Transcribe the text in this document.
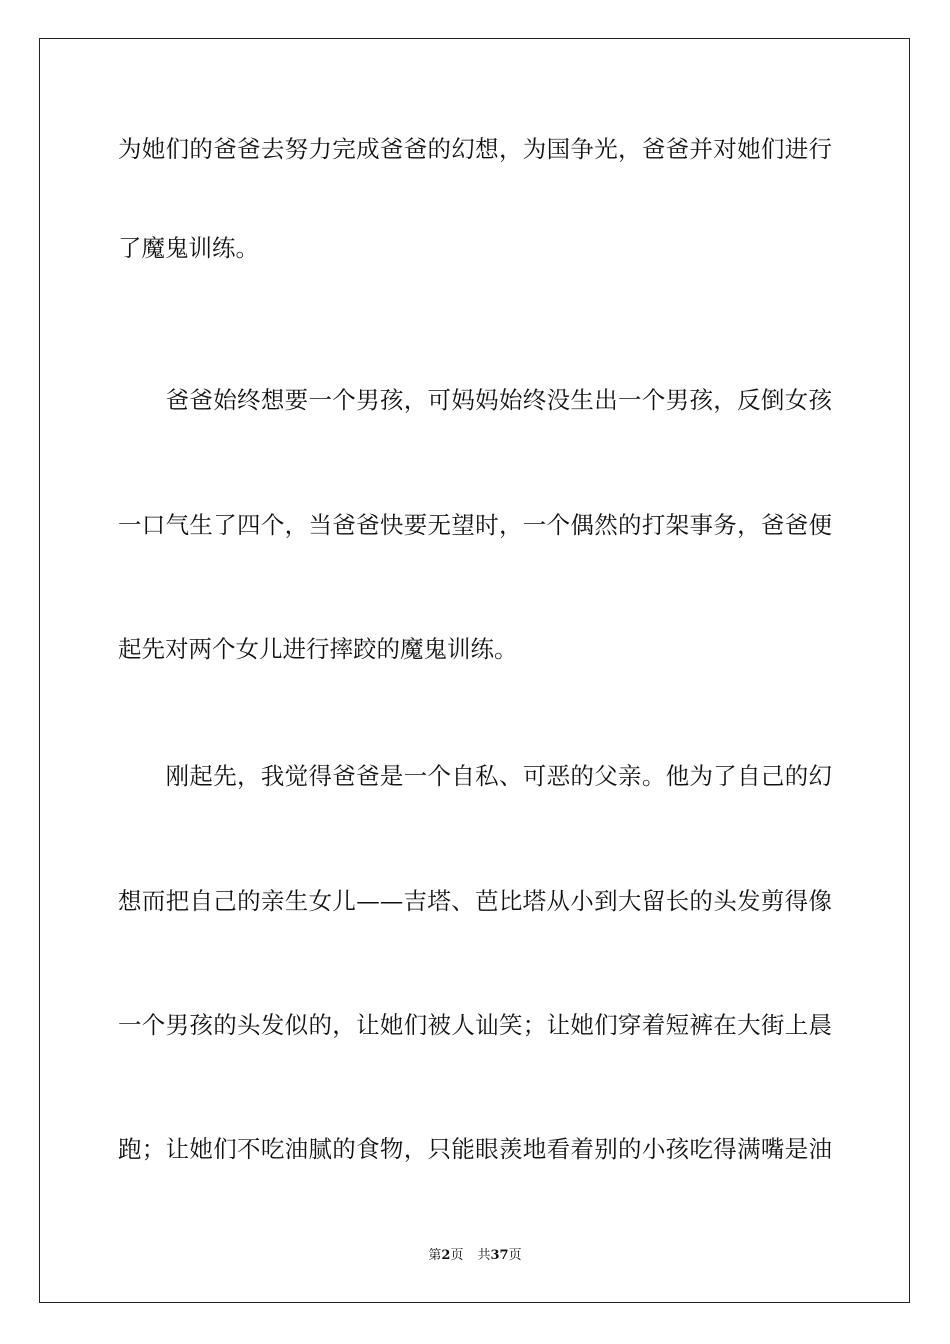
为她们的爸爸去努力完成爸爸的幻想，为国争光，爸爸并对她们进行
了魔鬼训练。
　　爸爸始终想要一个男孩，可妈妈始终没生出一个男孩，反倒女孩
一口气生了四个，当爸爸快要无望时，一个偶然的打架事务，爸爸便
起先对两个女儿进行摔跤的魔鬼训练。
　　刚起先，我觉得爸爸是一个自私、可恶的父亲。他为了自己的幻
想而把自己的亲生女儿——吉塔、芭比塔从小到大留长的头发剪得像
一个男孩的头发似的，让她们被人讪笑；让她们穿着短裤在大街上晨
跑；让她们不吃油腻的食物，只能眼羡地看着别的小孩吃得满嘴是油
第2页 共37页
